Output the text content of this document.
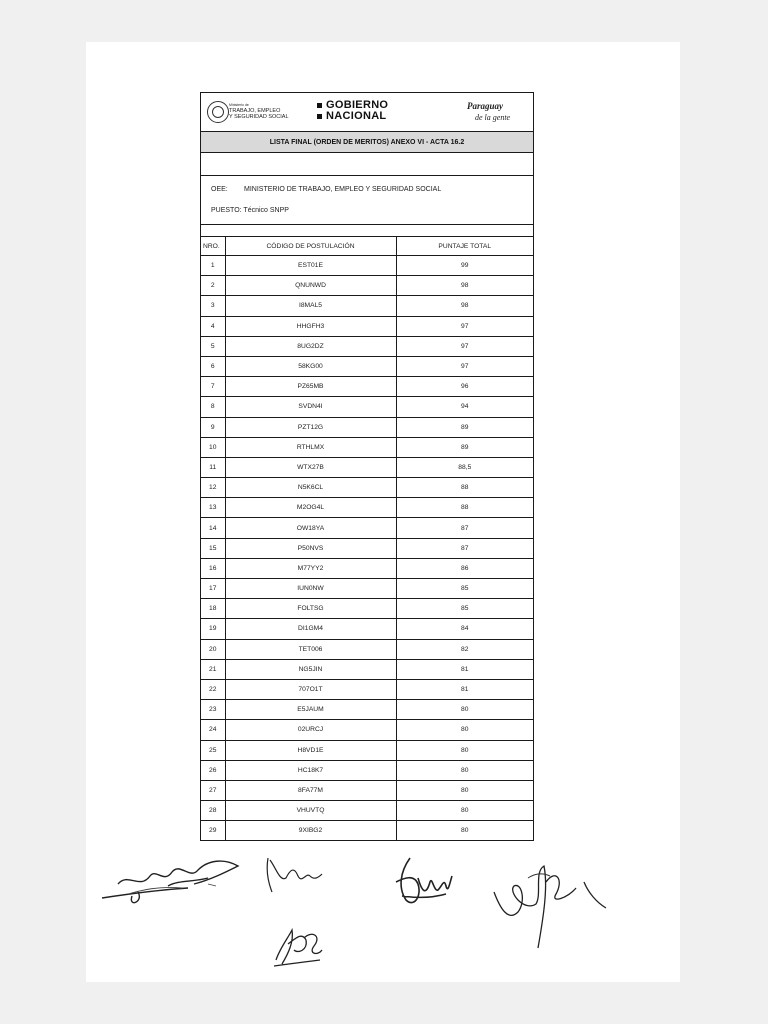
Ministerio de
TRABAJO, EMPLEO
Y SEGURIDAD SOCIAL
GOBIERNO
NACIONAL
Paraguay
de la gente
LISTA FINAL (ORDEN DE MERITOS) ANEXO VI - ACTA 16.2
OEE: MINISTERIO DE TRABAJO, EMPLEO Y SEGURIDAD SOCIAL
PUESTO: Técnico SNPP
NRO.	CÓDIGO DE POSTULACIÓN	PUNTAJE TOTAL
1	EST01E	99
2	QNUNWD	98
3	I8MAL5	98
4	HHGFH3	97
5	8UG2DZ	97
6	58KG00	97
7	PZ65MB	96
8	SVDN4I	94
9	PZT12G	89
10	RTHLMX	89
11	WTX27B	88,5
12	N5K6CL	88
13	M2OG4L	88
14	OW18YA	87
15	P50NVS	87
16	M77YY2	86
17	IUN0NW	85
18	FOLTSG	85
19	DI1GM4	84
20	TET006	82
21	NG5JIN	81
22	707O1T	81
23	E5JAUM	80
24	02URCJ	80
25	H8VD1E	80
26	HC18K7	80
27	8FA77M	80
28	VHUVTQ	80
29	9XIBG2	80
